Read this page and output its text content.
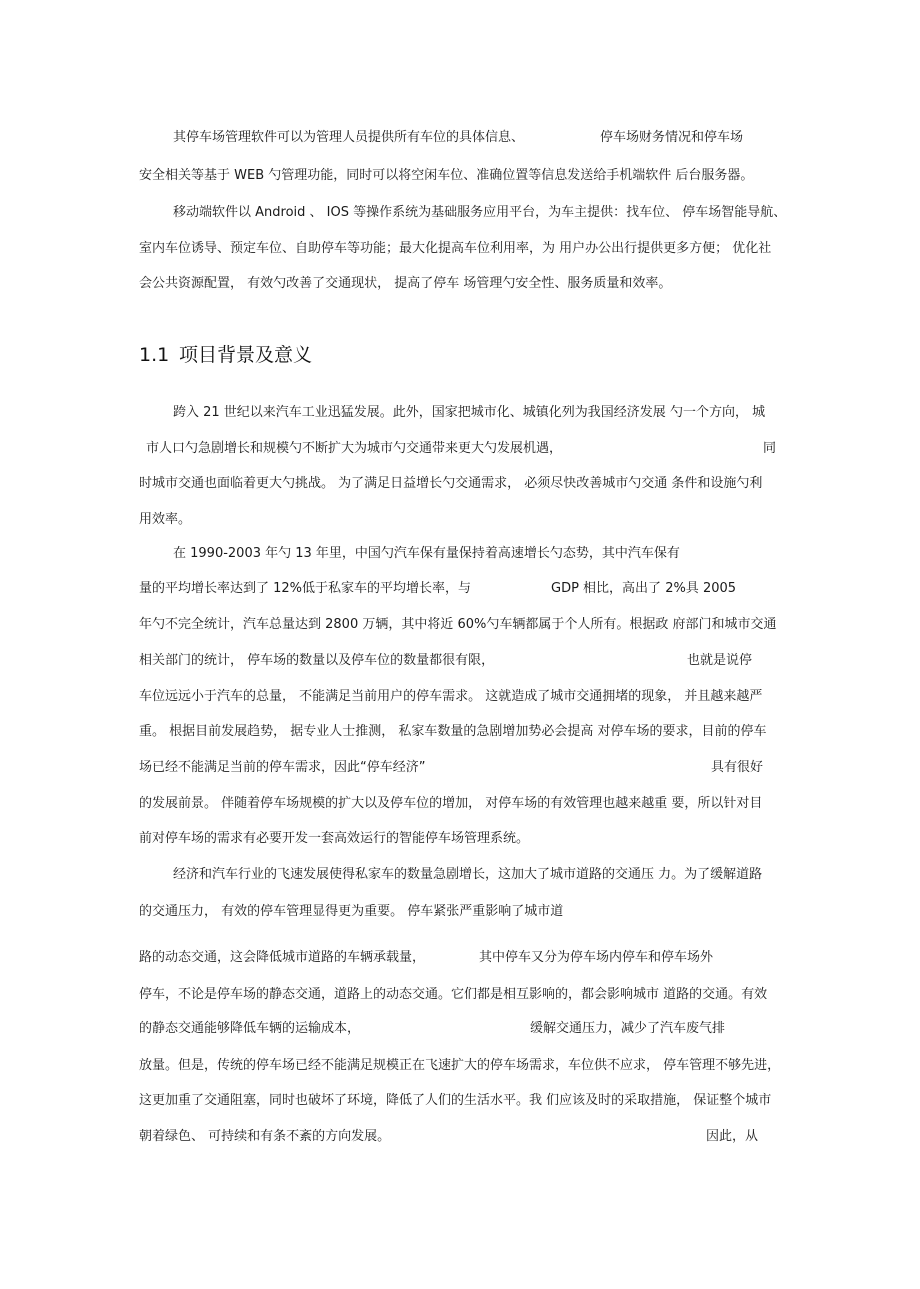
其停车场管理软件可以为管理人员提供所有车位的具体信息、	停车场财务情况和停车场
安全相关等基于 WEB 勺管理功能，同时可以将空闲车位、准确位置等信息发送给手机端软件 后台服务器。
移动端软件以 Android 、 IOS 等操作系统为基础服务应用平台，为车主提供：找车位、 停车场智能导航、
室内车位诱导、预定车位、自助停车等功能；最大化提高车位利用率，为 用户办公出行提供更多方便； 优化社
会公共资源配置， 有效勺改善了交通现状， 提高了停车 场管理勺安全性、服务质量和效率。
1.1 项目背景及意义
跨入 21 世纪以来汽车工业迅猛发展。此外，国家把城市化、城镇化列为我国经济发展 勺一个方向， 城
市人口勺急剧增长和规模勺不断扩大为城市勺交通带来更大勺发展机遇，	同
时城市交通也面临着更大勺挑战。 为了满足日益增长勺交通需求， 必须尽快改善城市勺交通 条件和设施勺利
用效率。
在 1990-2003 年勺 13 年里，中国勺汽车保有量保持着高速增长勺态势，其中汽车保有
量的平均增长率达到了 12%低于私家车的平均增长率，与	GDP 相比，高出了 2%具 2005
年勺不完全统计，汽车总量达到 2800 万辆，其中将近 60%勺车辆都属于个人所有。根据政 府部门和城市交通
相关部门的统计， 停车场的数量以及停车位的数量都很有限，	也就是说停
车位远远小于汽车的总量， 不能满足当前用户的停车需求。 这就造成了城市交通拥堵的现象， 并且越来越严
重。 根据目前发展趋势， 据专业人士推测， 私家车数量的急剧增加势必会提高 对停车场的要求，目前的停车
场已经不能满足当前的停车需求，因此“停车经济”	具有很好
的发展前景。 伴随着停车场规模的扩大以及停车位的增加， 对停车场的有效管理也越来越重 要，所以针对目
前对停车场的需求有必要开发一套高效运行的智能停车场管理系统。
经济和汽车行业的飞速发展使得私家车的数量急剧增长，这加大了城市道路的交通压 力。为了缓解道路
的交通压力， 有效的停车管理显得更为重要。 停车紧张严重影响了城市道
路的动态交通，这会降低城市道路的车辆承载量，	其中停车又分为停车场内停车和停车场外
停车，不论是停车场的静态交通，道路上的动态交通。它们都是相互影响的，都会影响城市 道路的交通。有效
的静态交通能够降低车辆的运输成本，	缓解交通压力，减少了汽车废气排
放量。但是，传统的停车场已经不能满足规模正在飞速扩大的停车场需求，车位供不应求， 停车管理不够先进，
这更加重了交通阻塞，同时也破坏了环境，降低了人们的生活水平。我 们应该及时的采取措施， 保证整个城市
朝着绿色、 可持续和有条不紊的方向发展。	因此，从
